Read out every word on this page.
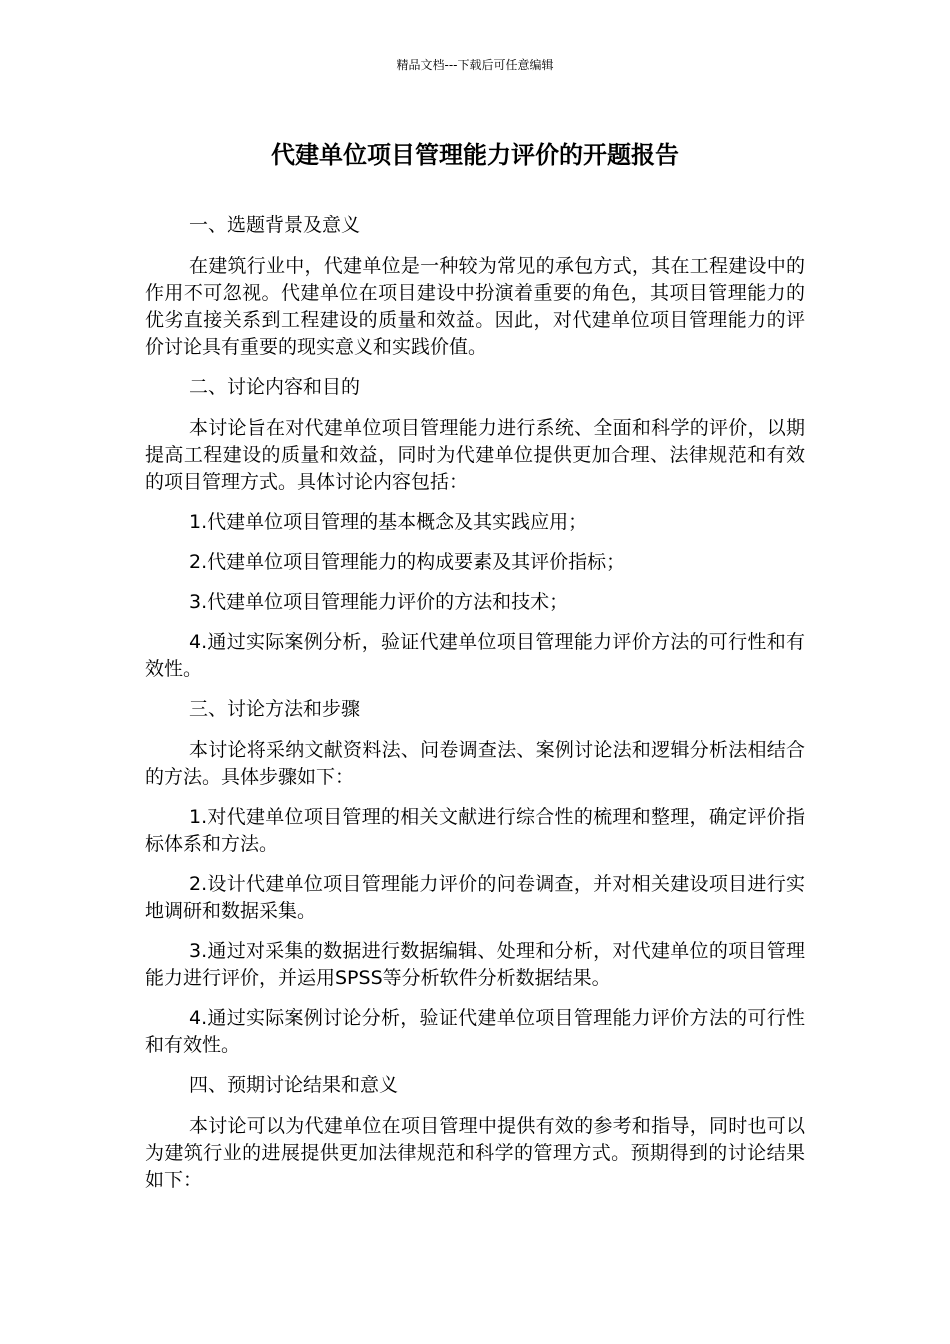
精品文档---下载后可任意编辑
代建单位项目管理能力评价的开题报告

一、选题背景及意义

在建筑行业中，代建单位是一种较为常见的承包方式，其在工程建设中的作用不可忽视。代建单位在项目建设中扮演着重要的角色，其项目管理能力的优劣直接关系到工程建设的质量和效益。因此，对代建单位项目管理能力的评价讨论具有重要的现实意义和实践价值。

二、讨论内容和目的

本讨论旨在对代建单位项目管理能力进行系统、全面和科学的评价，以期提高工程建设的质量和效益，同时为代建单位提供更加合理、法律规范和有效的项目管理方式。具体讨论内容包括：

1.代建单位项目管理的基本概念及其实践应用；

2.代建单位项目管理能力的构成要素及其评价指标；

3.代建单位项目管理能力评价的方法和技术；

4.通过实际案例分析，验证代建单位项目管理能力评价方法的可行性和有效性。

三、讨论方法和步骤

本讨论将采纳文献资料法、问卷调查法、案例讨论法和逻辑分析法相结合的方法。具体步骤如下：

1.对代建单位项目管理的相关文献进行综合性的梳理和整理，确定评价指标体系和方法。

2.设计代建单位项目管理能力评价的问卷调查，并对相关建设项目进行实地调研和数据采集。

3.通过对采集的数据进行数据编辑、处理和分析，对代建单位的项目管理能力进行评价，并运用SPSS等分析软件分析数据结果。

4.通过实际案例讨论分析，验证代建单位项目管理能力评价方法的可行性和有效性。

四、预期讨论结果和意义

本讨论可以为代建单位在项目管理中提供有效的参考和指导，同时也可以为建筑行业的进展提供更加法律规范和科学的管理方式。预期得到的讨论结果如下：
